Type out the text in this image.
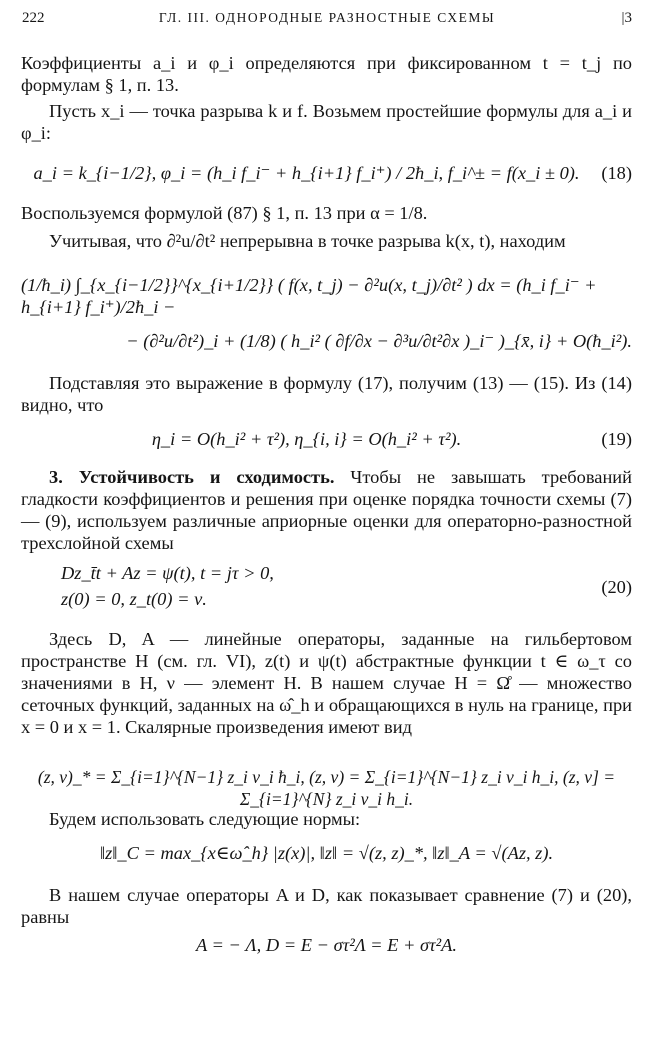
222	ГЛ. III. ОДНОРОДНЫЕ РАЗНОСТНЫЕ СХЕМЫ	|3

Коэффициенты a_i и φ_i определяются при фиксированном t = t_j по формулам § 1, п. 13.

Пусть x_i — точка разрыва k и f. Возьмем простейшие формулы для a_i и φ_i:

a_i = k_{i−1/2}, φ_i = (h_i f_i⁻ + h_{i+1} f_i⁺) / 2ħ_i, f_i^± = f(x_i ± 0).	(18)

Воспользуемся формулой (87) § 1, п. 13 при α = 1/8.

Учитывая, что ∂²u/∂t² непрерывна в точке разрыва k(x, t), находим

(1/ħ_i) ∫_{x_{i−1/2}}^{x_{i+1/2}} ( f(x, t_j) − ∂²u(x, t_j)/∂t² ) dx = (h_i f_i⁻ + h_{i+1} f_i⁺)/2ħ_i −
− (∂²u/∂t²)_i + (1/8) ( h_i² ( ∂f/∂x − ∂³u/∂t²∂x )_i⁻ )_{x̄, i} + O(ħ_i²).

Подставляя это выражение в формулу (17), получим (13) — (15). Из (14) видно, что

η_i = O(h_i² + τ²), η_{i, i} = O(h_i² + τ²).	(19)

3. Устойчивость и сходимость. Чтобы не завышать требований гладкости коэффициентов и решения при оценке порядка точности схемы (7) — (9), используем различные априорные оценки для операторно-разностной трехслойной схемы

Dz_t̄t + Az = ψ(t), t = jτ > 0,
z(0) = 0, z_t(0) = ν.
(20)

Здесь D, A — линейные операторы, заданные на гильбертовом пространстве H (см. гл. VI), z(t) и ψ(t) абстрактные функции t ∈ ω_τ со значениями в H, ν — элемент H. В нашем случае H = Ω̊ — множество сеточных функций, заданных на ω̂_h и обращающихся в нуль на границе, при x = 0 и x = 1. Скалярные произведения имеют вид

(z, v)_* = Σ_{i=1}^{N−1} z_i v_i ħ_i, (z, v) = Σ_{i=1}^{N−1} z_i v_i h_i, (z, v] = Σ_{i=1}^{N} z_i v_i h_i.

Будем использовать следующие нормы:

‖z‖_C = max_{x∈ω̂_h} |z(x)|, ‖z‖ = √(z, z)_*, ‖z‖_A = √(Az, z).

В нашем случае операторы A и D, как показывает сравнение (7) и (20), равны

A = − Λ, D = E − στ²Λ = E + στ²A.
